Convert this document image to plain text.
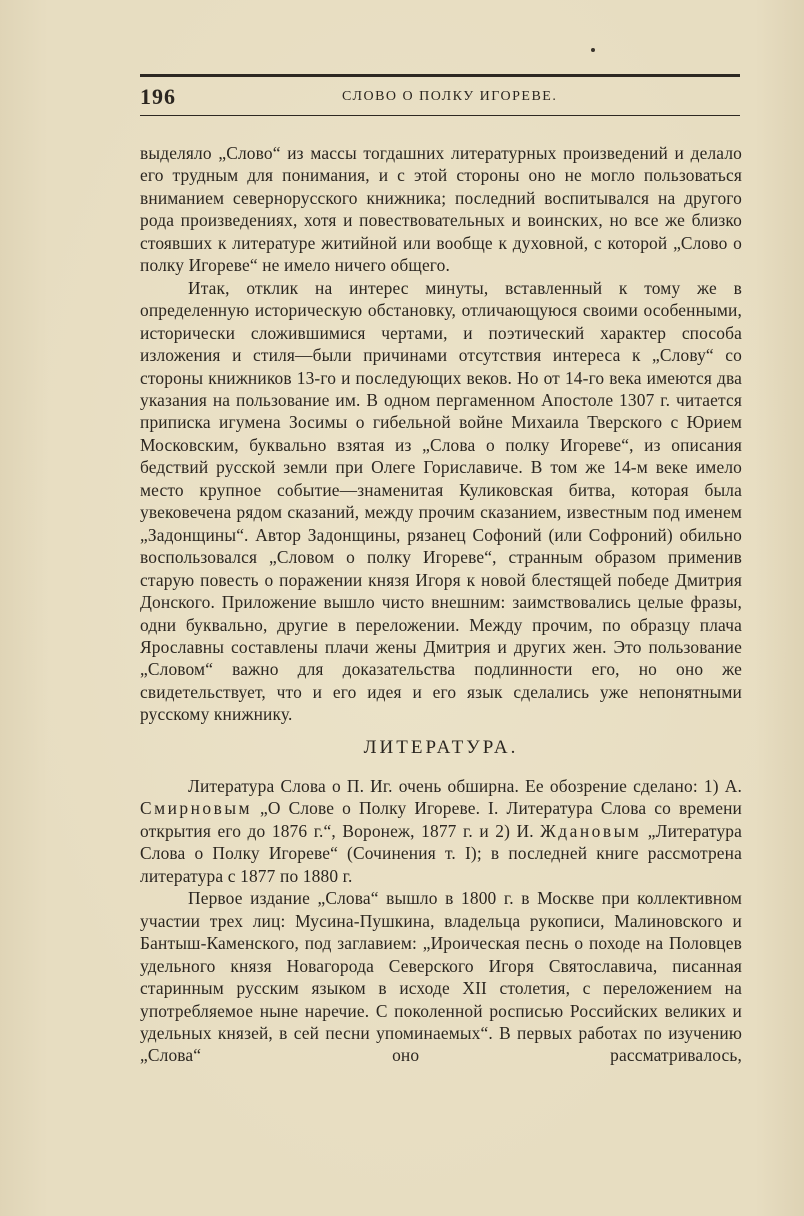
196	СЛОВО О ПОЛКУ ИГОРЕВЕ.

выделяло „Слово“ из массы тогдашних литературных произведений и делало его трудным для понимания, и с этой стороны оно не могло пользоваться вниманием севернорусского книжника; последний воспитывался на другого рода произведениях, хотя и повествовательных и воинских, но все же близко стоявших к литературе житийной или вообще к духовной, с которой „Слово о полку Игореве“ не имело ничего общего.

Итак, отклик на интерес минуты, вставленный к тому же в определенную историческую обстановку, отличающуюся своими особенными, исторически сложившимися чертами, и поэтический характер способа изложения и стиля—были причинами отсутствия интереса к „Слову“ со стороны книжников 13-го и последующих веков. Но от 14-го века имеются два указания на пользование им. В одном пергаменном Апостоле 1307 г. читается приписка игумена Зосимы о гибельной войне Михаила Тверского с Юрием Московским, буквально взятая из „Слова о полку Игореве“, из описания бедствий русской земли при Олеге Гориславиче. В том же 14-м веке имело место крупное событие—знаменитая Куликовская битва, которая была увековечена рядом сказаний, между прочим сказанием, известным под именем „Задонщины“. Автор Задонщины, рязанец Софоний (или Софроний) обильно воспользовался „Словом о полку Игореве“, странным образом применив старую повесть о поражении князя Игоря к новой блестящей победе Дмитрия Донского. Приложение вышло чисто внешним: заимствовались целые фразы, одни буквально, другие в переложении. Между прочим, по образцу плача Ярославны составлены плачи жены Дмитрия и других жен. Это пользование „Словом“ важно для доказательства подлинности его, но оно же свидетельствует, что и его идея и его язык сделались уже непонятными русскому книжнику.

ЛИТЕРАТУРА.

Литература Слова о П. Иг. очень обширна. Ее обозрение сделано: 1) А. Смирновым „О Слове о Полку Игореве. I. Литература Слова со времени открытия его до 1876 г.“, Воронеж, 1877 г. и 2) И. Ждановым „Литература Слова о Полку Игореве“ (Сочинения т. I); в последней книге рассмотрена литература с 1877 по 1880 г.

Первое издание „Слова“ вышло в 1800 г. в Москве при коллективном участии трех лиц: Мусина-Пушкина, владельца рукописи, Малиновского и Бантыш-Каменского, под заглавием: „Ироическая песнь о походе на Половцев удельного князя Новагорода Северского Игоря Святославича, писанная старинным русским языком в исходе XII столетия, с переложением на употребляемое ныне наречие. С поколенной росписью Российских великих и удельных князей, в сей песни упоминаемых“. В первых работах по изучению „Слова“ оно рассматривалось,
